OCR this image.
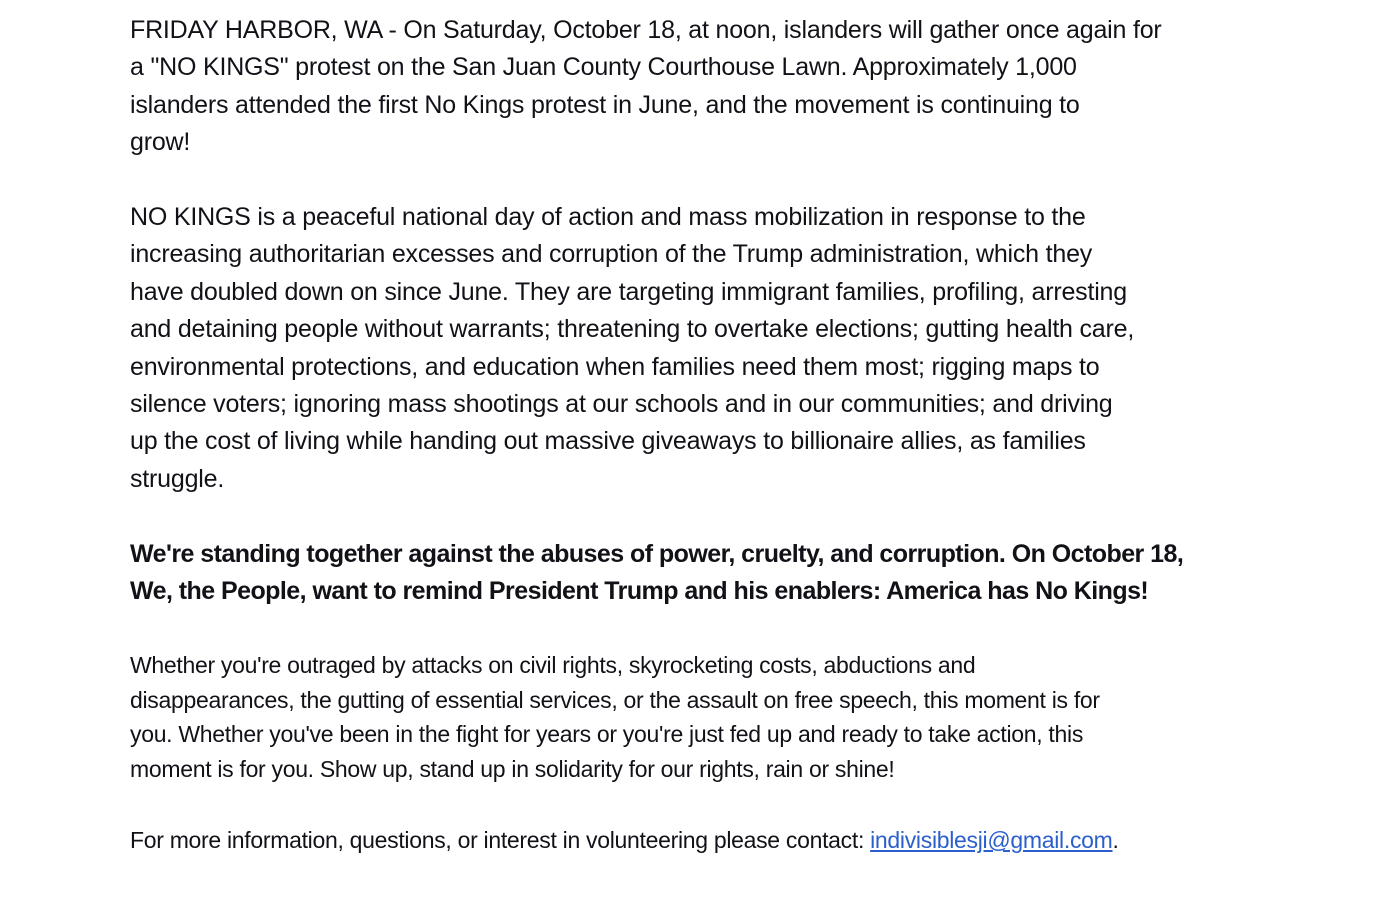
FRIDAY HARBOR, WA - On Saturday, October 18, at noon, islanders will gather once again for
a "NO KINGS" protest on the San Juan County Courthouse Lawn. Approximately 1,000
islanders attended the first No Kings protest in June, and the movement is continuing to
grow!

NO KINGS is a peaceful national day of action and mass mobilization in response to the
increasing authoritarian excesses and corruption of the Trump administration, which they
have doubled down on since June. They are targeting immigrant families, profiling, arresting
and detaining people without warrants; threatening to overtake elections; gutting health care,
environmental protections, and education when families need them most; rigging maps to
silence voters; ignoring mass shootings at our schools and in our communities; and driving
up the cost of living while handing out massive giveaways to billionaire allies, as families
struggle.

We're standing together against the abuses of power, cruelty, and corruption. On October 18,
We, the People, want to remind President Trump and his enablers: America has No Kings!

Whether you're outraged by attacks on civil rights, skyrocketing costs, abductions and
disappearances, the gutting of essential services, or the assault on free speech, this moment is for
you. Whether you've been in the fight for years or you're just fed up and ready to take action, this
moment is for you. Show up, stand up in solidarity for our rights, rain or shine!

For more information, questions, or interest in volunteering please contact: indivisiblesji@gmail.com.
